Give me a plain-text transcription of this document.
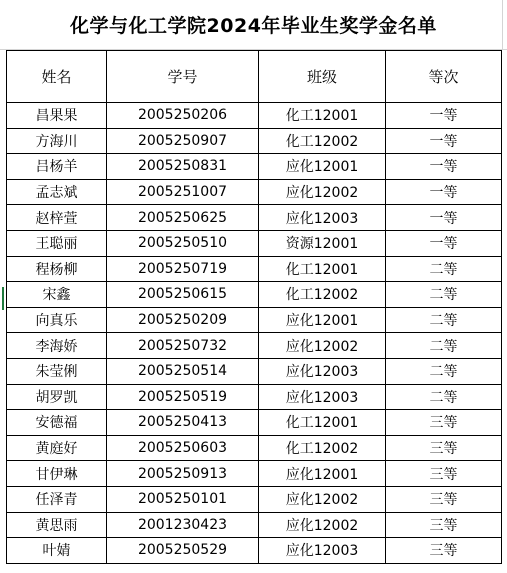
化学与化工学院2024年毕业生奖学金名单
姓名	学号	班级	等次
昌果果	2005250206	化工12001	一等
方海川	2005250907	化工12002	一等
吕杨羊	2005250831	应化12001	一等
孟志斌	2005251007	应化12002	一等
赵梓萱	2005250625	应化12003	一等
王聪丽	2005250510	资源12001	一等
程杨柳	2005250719	化工12001	二等
宋鑫	2005250615	化工12002	二等
向真乐	2005250209	应化12001	二等
李海娇	2005250732	应化12002	二等
朱莹俐	2005250514	应化12003	二等
胡罗凯	2005250519	应化12003	二等
安德福	2005250413	化工12001	三等
黄庭好	2005250603	化工12002	三等
甘伊琳	2005250913	应化12001	三等
任泽青	2005250101	应化12002	三等
黄思雨	2001230423	应化12002	三等
叶婧	2005250529	应化12003	三等
